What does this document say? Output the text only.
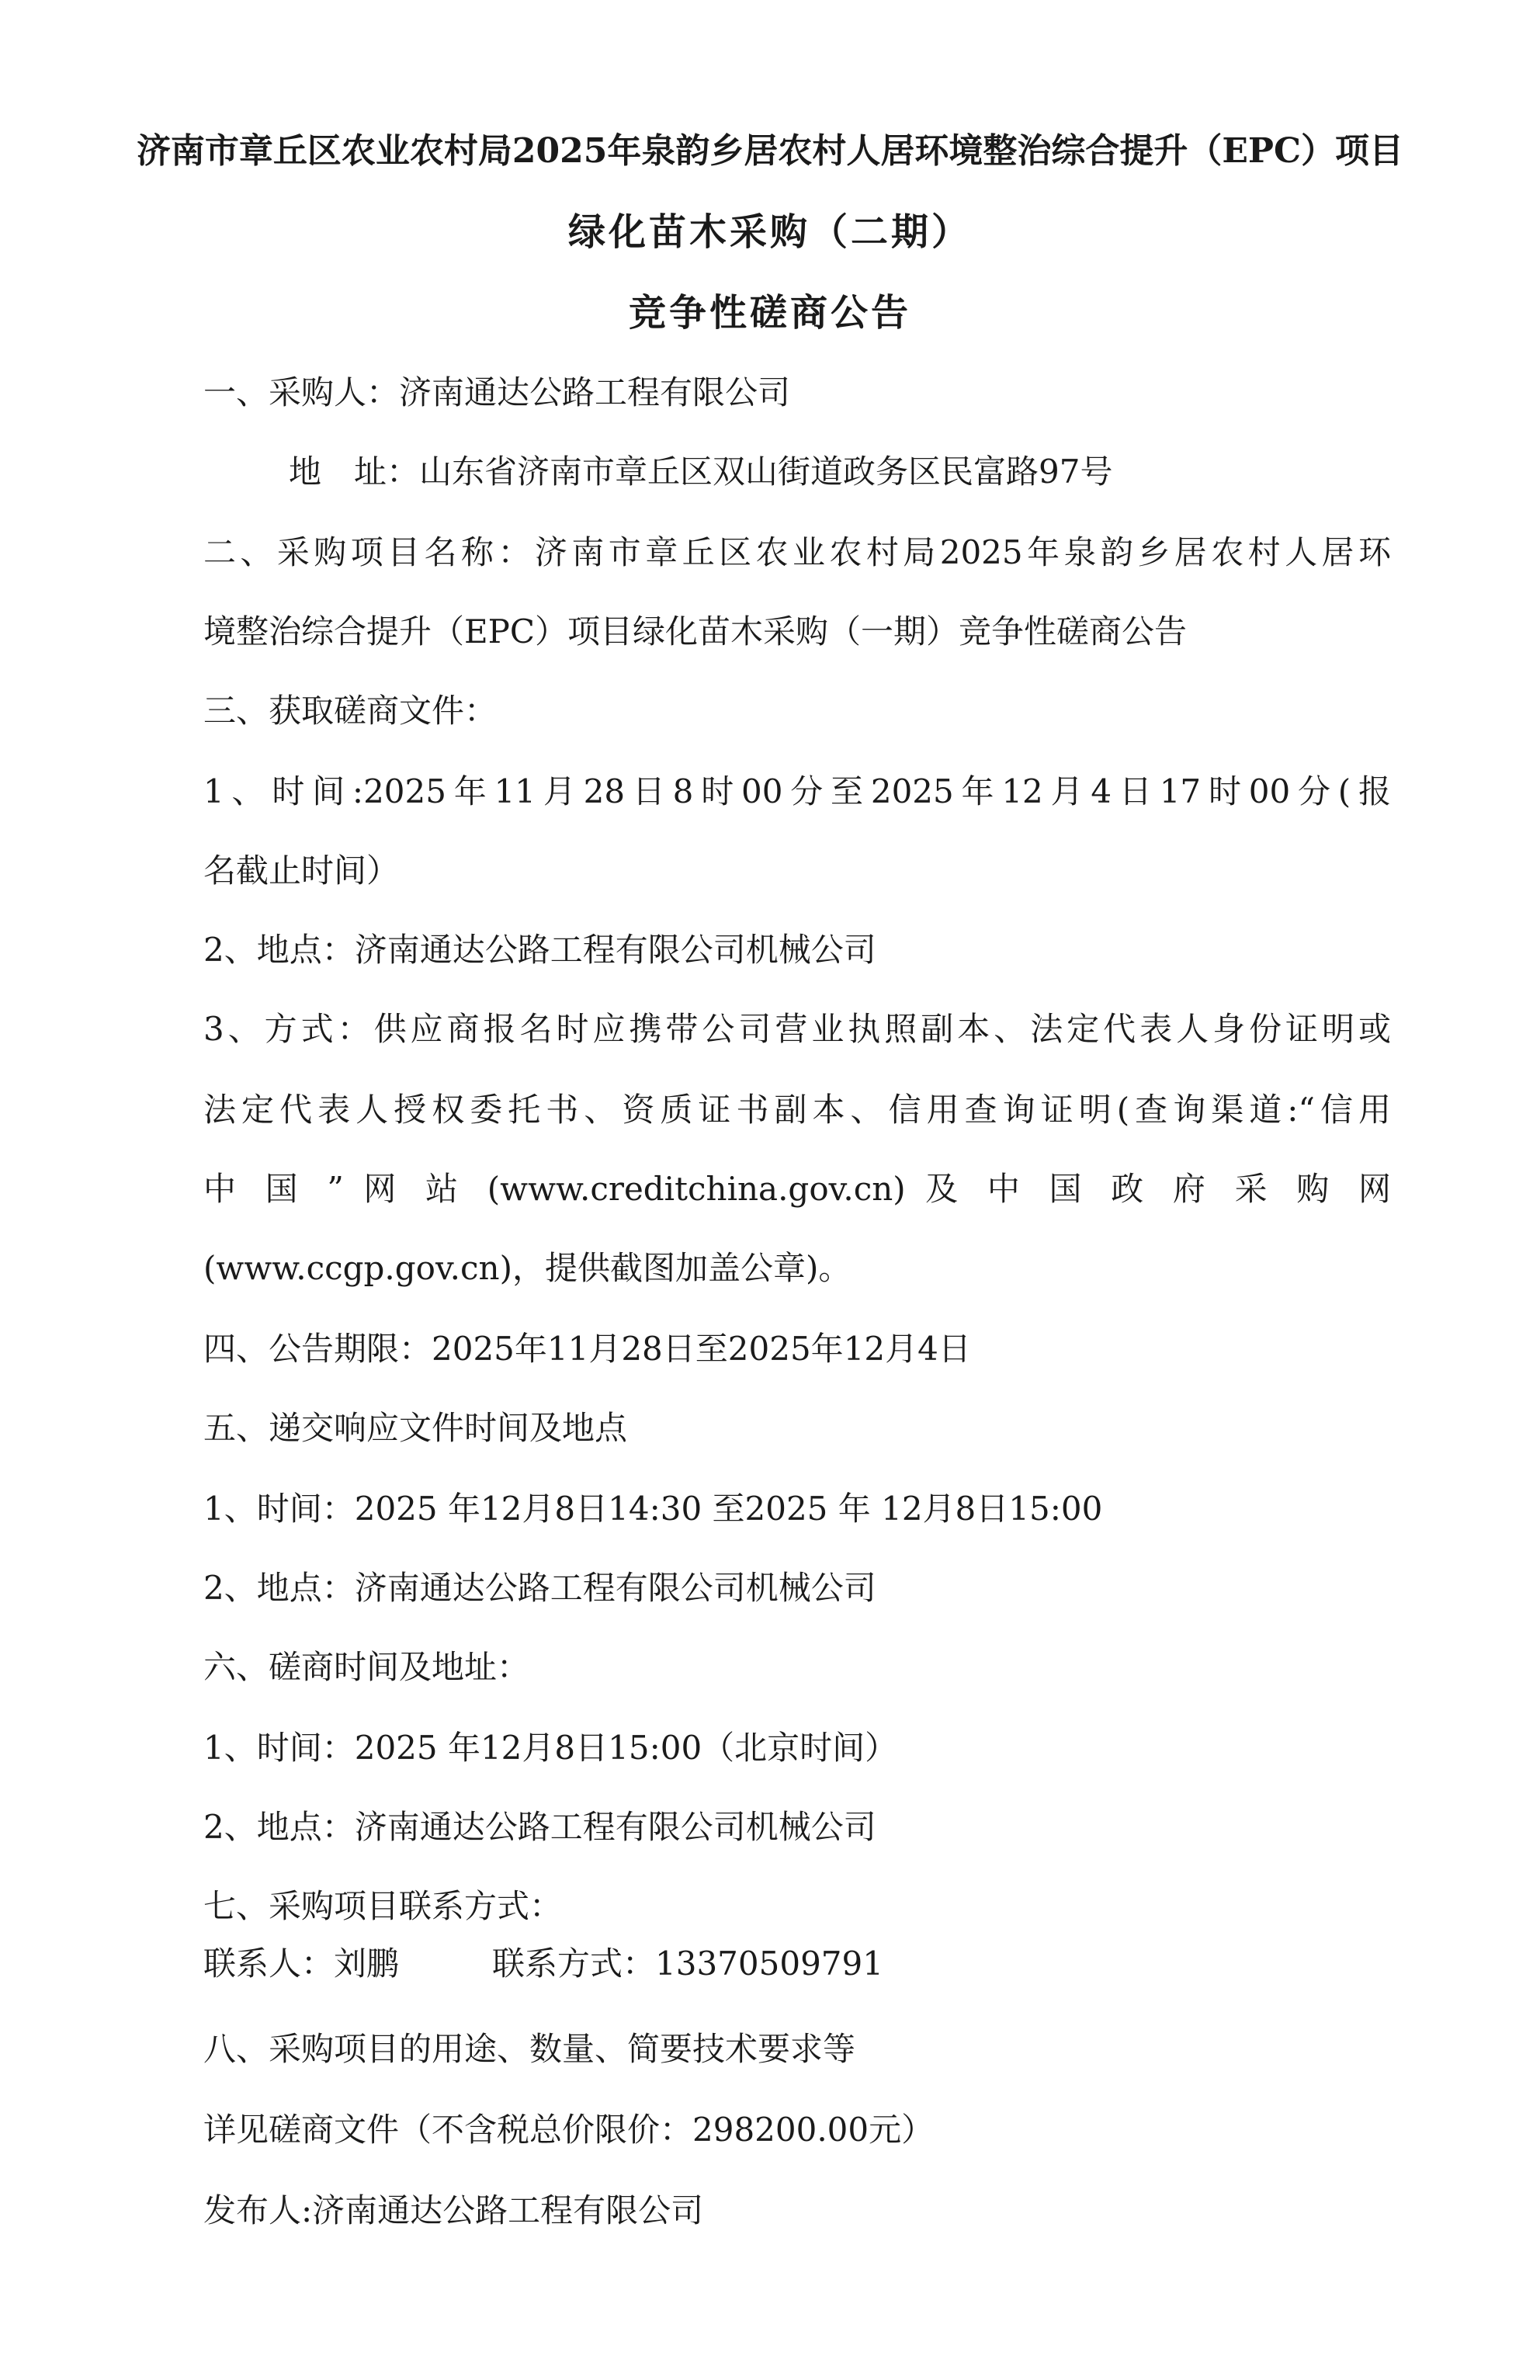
济南市章丘区农业农村局2025年泉韵乡居农村人居环境整治综合提升（EPC）项目
绿化苗木采购（二期）
竞争性磋商公告
一、采购人：济南通达公路工程有限公司
地　址：山东省济南市章丘区双山街道政务区民富路97号
二、采购项目名称：济南市章丘区农业农村局2025年泉韵乡居农村人居环
境整治综合提升（EPC）项目绿化苗木采购（一期）竞争性磋商公告
三、获取磋商文件：
1、时间:2025年11月28日8时00分至2025年12月4日17时00分(报
名截止时间）
2、地点：济南通达公路工程有限公司机械公司
3、方式：供应商报名时应携带公司营业执照副本、法定代表人身份证明或
法定代表人授权委托书、资质证书副本、信用查询证明(查询渠道:“信用
中 国 ” 网 站 (www.creditchina.gov.cn) 及 中 国 政 府 采 购 网
(www.ccgp.gov.cn)，提供截图加盖公章)。
四、公告期限：2025年11月28日至2025年12月4日
五、递交响应文件时间及地点
1、时间：2025 年12月8日14:30 至2025 年 12月8日15:00
2、地点：济南通达公路工程有限公司机械公司
六、磋商时间及地址：
1、时间：2025 年12月8日15:00（北京时间）
2、地点：济南通达公路工程有限公司机械公司
七、采购项目联系方式：
联系人：刘鹏	联系方式：13370509791
八、采购项目的用途、数量、简要技术要求等
详见磋商文件（不含税总价限价：298200.00元）
发布人:济南通达公路工程有限公司
